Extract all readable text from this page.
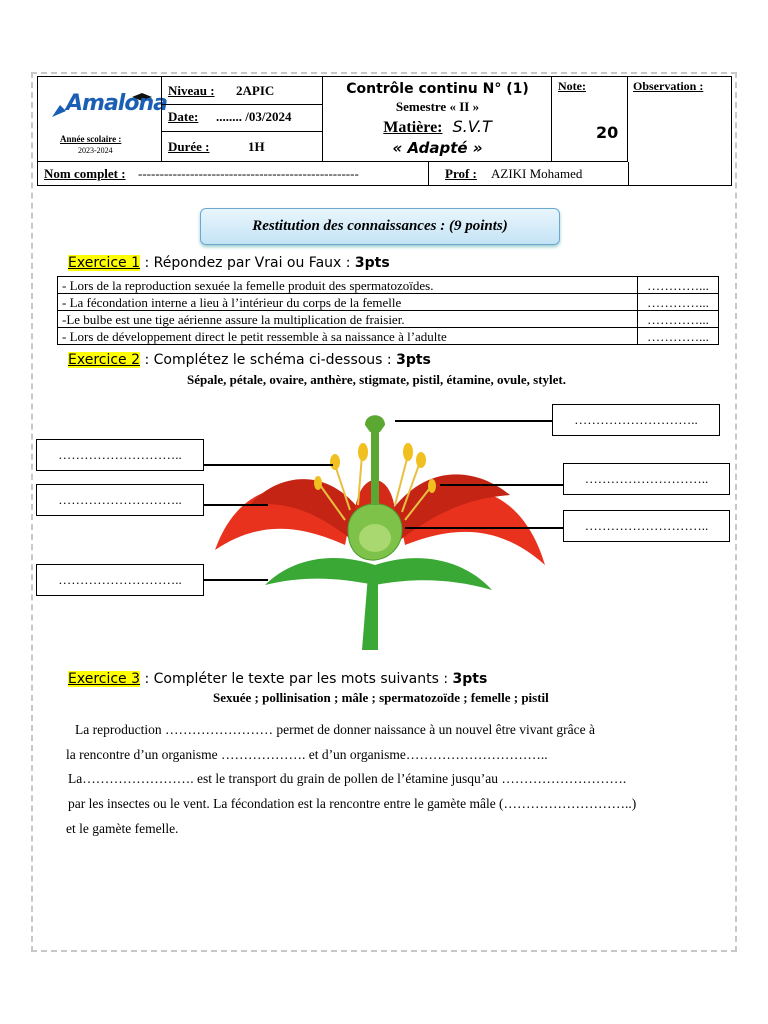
Amalona
Année scolaire :
2023-2024
Niveau : 2APIC
Date: ........ /03/2024
Durée :	1H
Contrôle continu N° (1)
Semestre « II »
Matière: S.V.T
« Adapté »
Note:
20
Observation :
Nom complet : ---------------------------------------------------	Prof : AZIKI Mohamed
Restitution des connaissances : (9 points)
Exercice 1 : Répondez par Vrai ou Faux : 3pts
- Lors de la reproduction sexuée la femelle produit des spermatozoïdes.	…………...
- La fécondation interne a lieu à l’intérieur du corps de la femelle	…………...
-Le bulbe est une tige aérienne assure la multiplication de fraisier.	…………...
- Lors de développement direct le petit ressemble à sa naissance à l’adulte	…………...
Exercice 2 : Complétez le schéma ci-dessous : 3pts
Sépale, pétale, ovaire, anthère, stigmate, pistil, étamine, ovule, stylet.
………………………..
………………………..
………………………..
………………………..
………………………..
………………………..
Exercice 3 : Compléter le texte par les mots suivants : 3pts
Sexuée ; pollinisation ; mâle ; spermatozoïde ; femelle ; pistil
La reproduction …………………… permet de donner naissance à un nouvel être vivant grâce à
la rencontre d’un organisme ………………. et d’un organisme…………………………..
La……………………. est le transport du grain de pollen de l’étamine jusqu’au ……………………….
par les insectes ou le vent. La fécondation est la rencontre entre le gamète mâle (………………………..)
et le gamète femelle.
